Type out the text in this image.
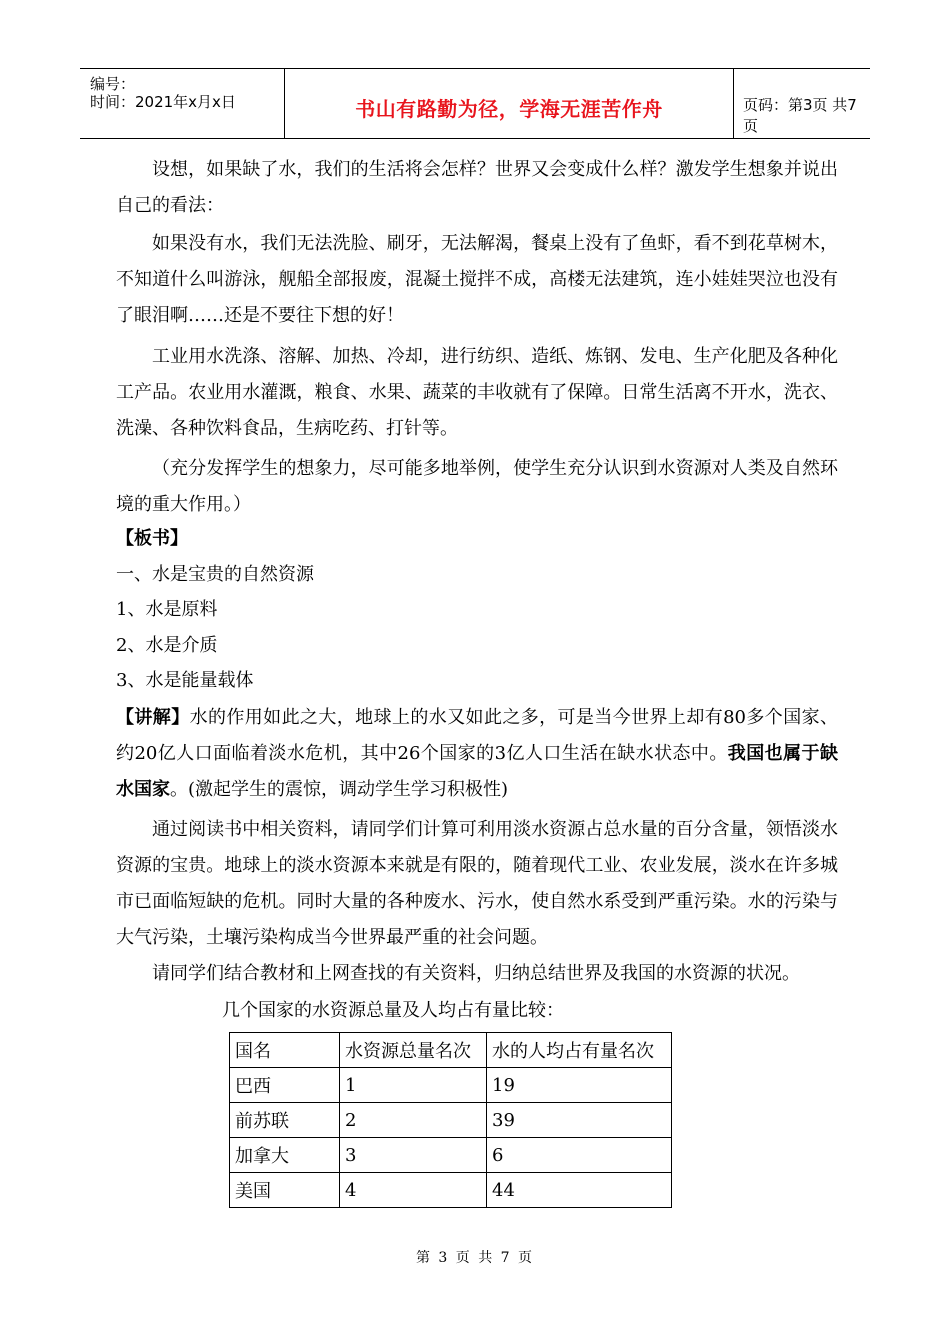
编号：
时间：2021年x月x日	书山有路勤为径，学海无涯苦作舟	页码：第3页 共7页
设想，如果缺了水，我们的生活将会怎样？世界又会变成什么样？激发学生想象并说出自己的看法：
如果没有水，我们无法洗脸、刷牙，无法解渴，餐桌上没有了鱼虾，看不到花草树木，不知道什么叫游泳，舰船全部报废，混凝土搅拌不成，高楼无法建筑，连小娃娃哭泣也没有了眼泪啊……还是不要往下想的好！
工业用水洗涤、溶解、加热、冷却，进行纺织、造纸、炼钢、发电、生产化肥及各种化工产品。农业用水灌溉，粮食、水果、蔬菜的丰收就有了保障。日常生活离不开水，洗衣、洗澡、各种饮料食品，生病吃药、打针等。
（充分发挥学生的想象力，尽可能多地举例，使学生充分认识到水资源对人类及自然环境的重大作用。）
【板书】
一、水是宝贵的自然资源
1、水是原料
2、水是介质
3、水是能量载体
【讲解】水的作用如此之大，地球上的水又如此之多，可是当今世界上却有80多个国家、约20亿人口面临着淡水危机，其中26个国家的3亿人口生活在缺水状态中。我国也属于缺水国家。(激起学生的震惊，调动学生学习积极性)
通过阅读书中相关资料，请同学们计算可利用淡水资源占总水量的百分含量，领悟淡水资源的宝贵。地球上的淡水资源本来就是有限的，随着现代工业、农业发展，淡水在许多城市已面临短缺的危机。同时大量的各种废水、污水，使自然水系受到严重污染。水的污染与大气污染，土壤污染构成当今世界最严重的社会问题。
请同学们结合教材和上网查找的有关资料，归纳总结世界及我国的水资源的状况。
几个国家的水资源总量及人均占有量比较：
国名	水资源总量名次	水的人均占有量名次
巴西	1	19
前苏联	2	39
加拿大	3	6
美国	4	44
第 3 页 共 7 页
